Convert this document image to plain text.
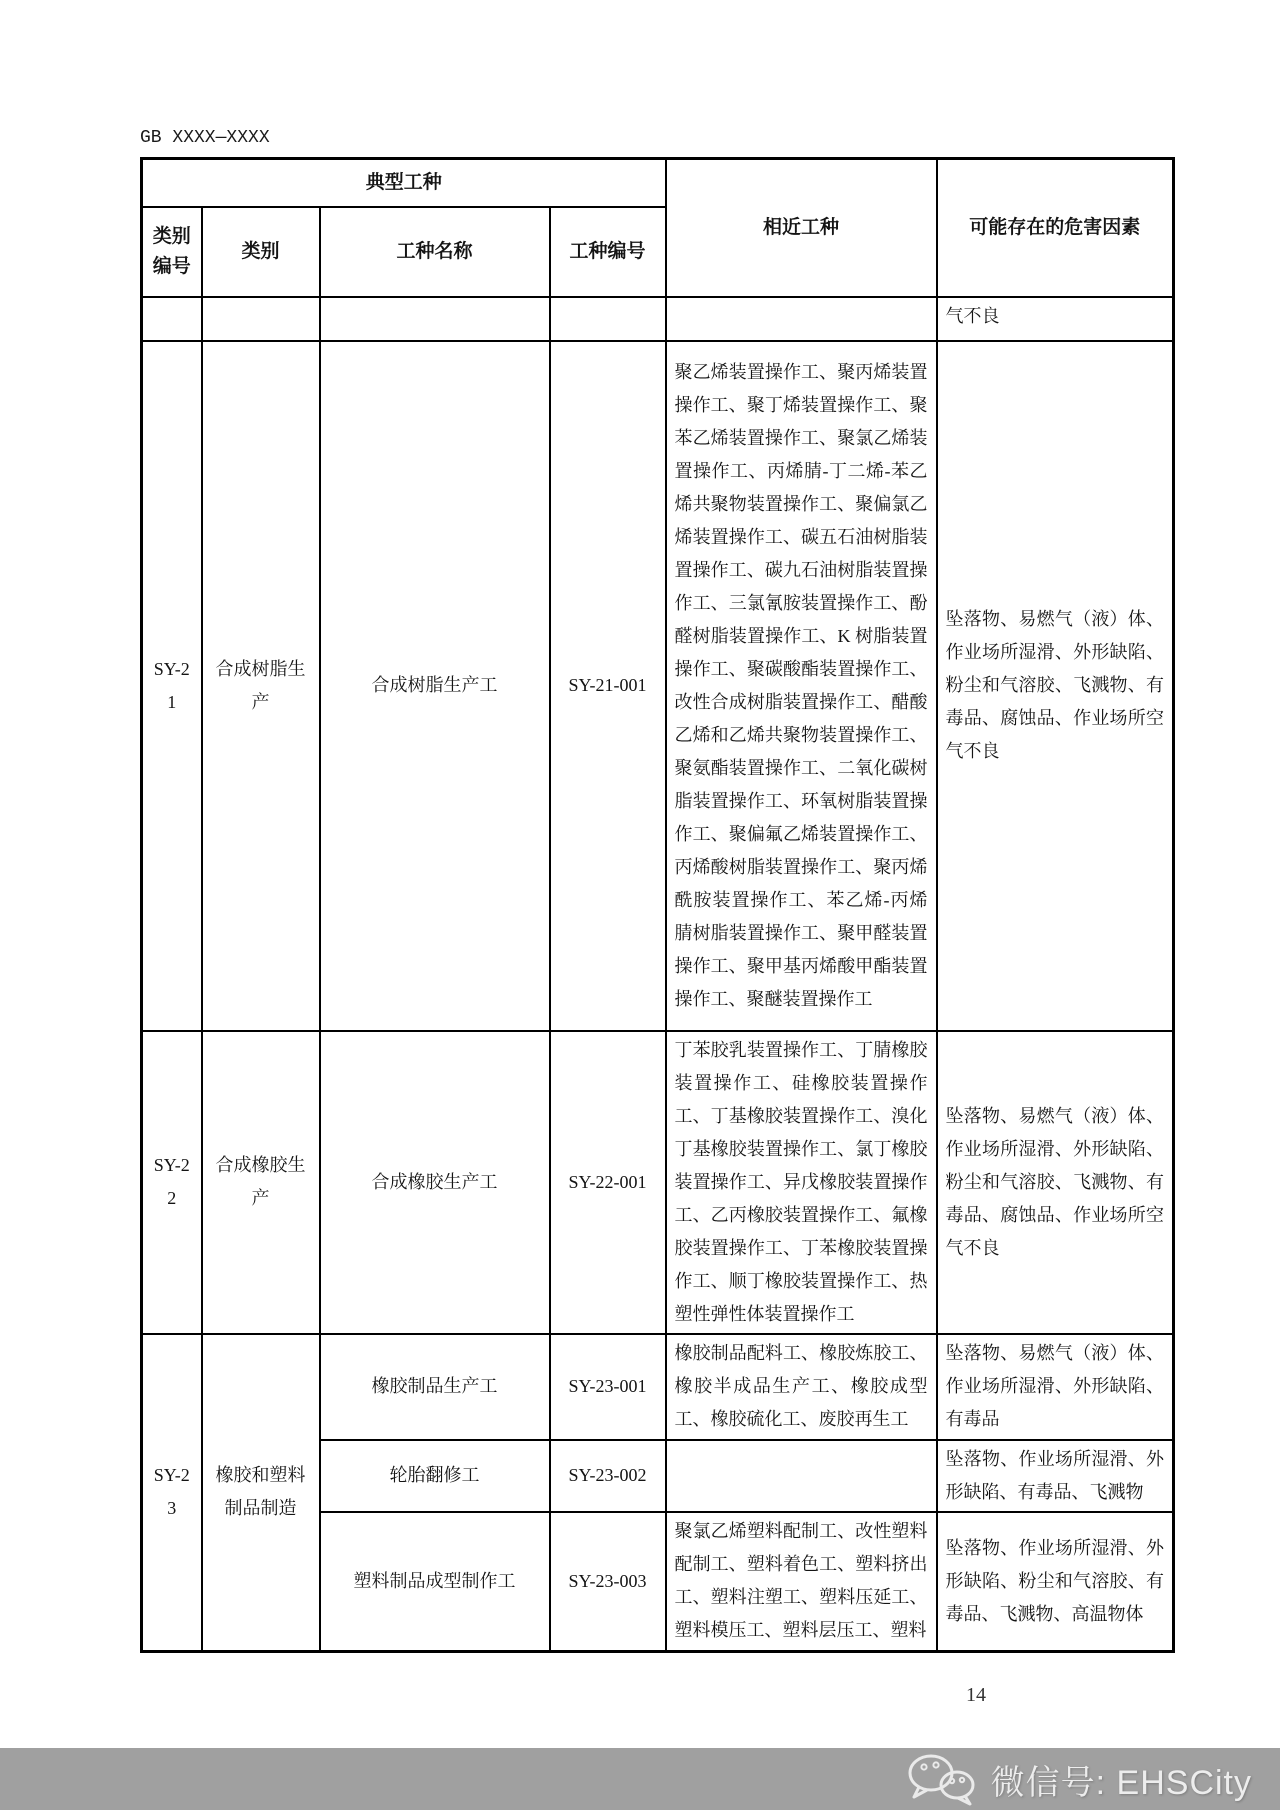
GB XXXX—XXXX
典型工种				相近工种	可能存在的危害因素
类别编号	类别	工种名称	工种编号		
					气不良
SY-21	合成树脂生产	合成树脂生产工	SY-21-001	聚乙烯装置操作工、聚丙烯装置操作工、聚丁烯装置操作工、聚苯乙烯装置操作工、聚氯乙烯装置操作工、丙烯腈-丁二烯-苯乙烯共聚物装置操作工、聚偏氯乙烯装置操作工、碳五石油树脂装置操作工、碳九石油树脂装置操作工、三氯氰胺装置操作工、酚醛树脂装置操作工、K 树脂装置操作工、聚碳酸酯装置操作工、改性合成树脂装置操作工、醋酸乙烯和乙烯共聚物装置操作工、聚氨酯装置操作工、二氧化碳树脂装置操作工、环氧树脂装置操作工、聚偏氟乙烯装置操作工、丙烯酸树脂装置操作工、聚丙烯酰胺装置操作工、苯乙烯-丙烯腈树脂装置操作工、聚甲醛装置操作工、聚甲基丙烯酸甲酯装置操作工、聚醚装置操作工	坠落物、易燃气（液）体、作业场所湿滑、外形缺陷、粉尘和气溶胶、飞溅物、有毒品、腐蚀品、作业场所空气不良
SY-22	合成橡胶生产	合成橡胶生产工	SY-22-001	丁苯胶乳装置操作工、丁腈橡胶装置操作工、硅橡胶装置操作工、丁基橡胶装置操作工、溴化丁基橡胶装置操作工、氯丁橡胶装置操作工、异戊橡胶装置操作工、乙丙橡胶装置操作工、氟橡胶装置操作工、丁苯橡胶装置操作工、顺丁橡胶装置操作工、热塑性弹性体装置操作工	坠落物、易燃气（液）体、作业场所湿滑、外形缺陷、粉尘和气溶胶、飞溅物、有毒品、腐蚀品、作业场所空气不良
SY-23	橡胶和塑料制品制造	橡胶制品生产工	SY-23-001	橡胶制品配料工、橡胶炼胶工、橡胶半成品生产工、橡胶成型工、橡胶硫化工、废胶再生工	坠落物、易燃气（液）体、作业场所湿滑、外形缺陷、有毒品
		轮胎翻修工	SY-23-002		坠落物、作业场所湿滑、外形缺陷、有毒品、飞溅物
		塑料制品成型制作工	SY-23-003	聚氯乙烯塑料配制工、改性塑料配制工、塑料着色工、塑料挤出工、塑料注塑工、塑料压延工、塑料模压工、塑料层压工、塑料	坠落物、作业场所湿滑、外形缺陷、粉尘和气溶胶、有毒品、飞溅物、高温物体
14
微信号: EHSCity
